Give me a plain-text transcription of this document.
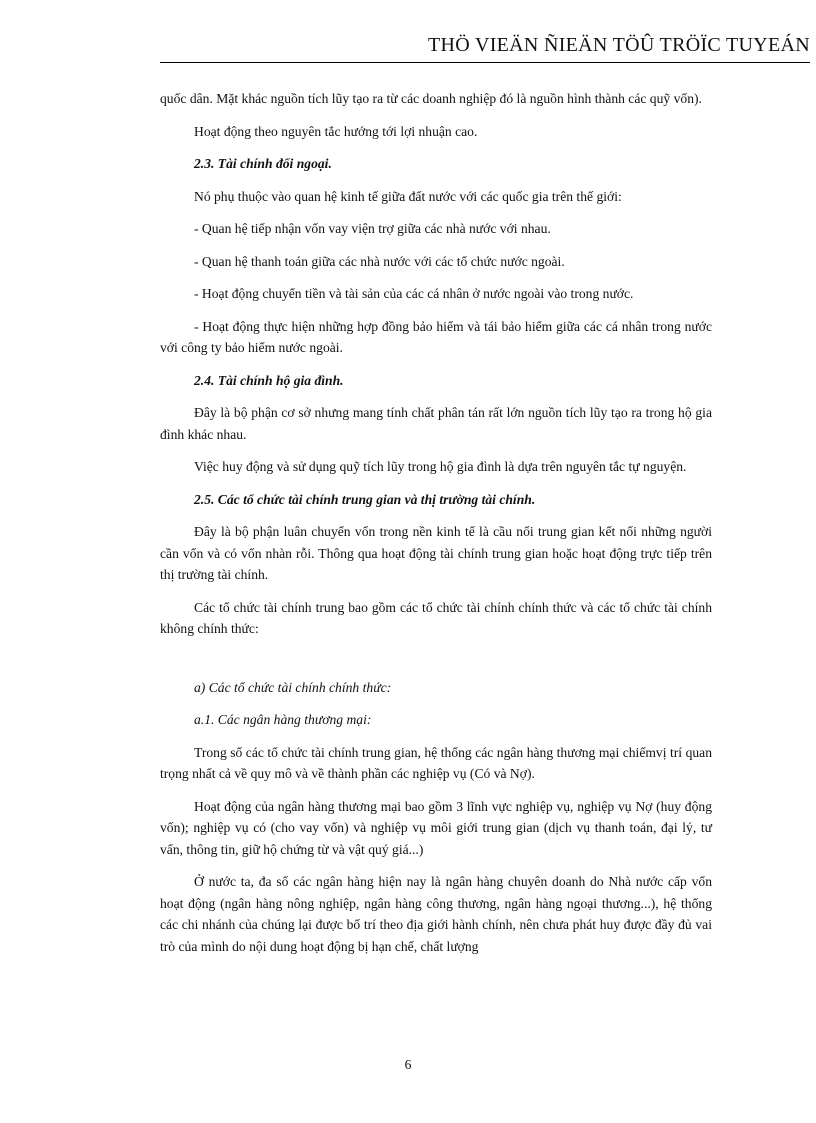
THÖ VIEÄN ÑIEÄN TÖÛ TRÖÏC TUYEÁN

quốc dân. Mặt khác nguồn tích lũy tạo ra từ các doanh nghiệp đó là nguồn hình thành các quỹ vốn).

Hoạt động theo nguyên tắc hướng tới lợi nhuận cao.

2.3. Tài chính đối ngoại.

Nó phụ thuộc vào quan hệ kinh tế giữa đất nước với các quốc gia trên thế giới:

- Quan hệ tiếp nhận vốn vay viện trợ giữa các nhà nước với nhau.

- Quan hệ thanh toán giữa các nhà nước với các tổ chức nước ngoài.

- Hoạt động chuyển tiền và tài sản của các cá nhân ở nước ngoài vào trong nước.

- Hoạt động thực hiện những hợp đồng bảo hiểm và tái bảo hiểm giữa các cá nhân trong nước với công ty bảo hiểm nước ngoài.

2.4. Tài chính hộ gia đình.

Đây là bộ phận cơ sở nhưng mang tính chất phân tán rất lớn nguồn tích lũy tạo ra trong hộ gia đình khác nhau.

Việc huy động và sử dụng quỹ tích lũy trong hộ gia đình là dựa trên nguyên tắc tự nguyện.

2.5. Các tổ chức tài chính trung gian và thị trường tài chính.

Đây là bộ phận luân chuyển vốn trong nền kinh tế là cầu nối trung gian kết nối những người cần vốn và có vốn nhàn rỗi. Thông qua hoạt động tài chính trung gian hoặc hoạt động trực tiếp trên thị trường tài chính.

Các tổ chức tài chính trung bao gồm các tổ chức tài chính chính thức và các tổ chức tài chính không chính thức:

a) Các tổ chức tài chính chính thức:

a.1. Các ngân hàng thương mại:

Trong số các tổ chức tài chính trung gian, hệ thống các ngân hàng thương mại chiếmvị trí quan trọng nhất cả về quy mô và về thành phần các nghiệp vụ (Có và Nợ).

Hoạt động của ngân hàng thương mại bao gồm 3 lĩnh vực nghiệp vụ, nghiệp vụ Nợ (huy động vốn); nghiệp vụ có (cho vay vốn) và nghiệp vụ môi giới trung gian (dịch vụ thanh toán, đại lý, tư vấn, thông tin, giữ hộ chứng từ và vật quý giá...)

Ở nước ta, đa số các ngân hàng hiện nay là ngân hàng chuyên doanh do Nhà nước cấp vốn hoạt động (ngân hàng nông nghiệp, ngân hàng công thương, ngân hàng ngoại thương...), hệ thống các chi nhánh của chúng lại được bố trí theo địa giới hành chính, nên chưa phát huy được đầy đủ vai trò của mình do nội dung hoạt động bị hạn chế, chất lượng

6
